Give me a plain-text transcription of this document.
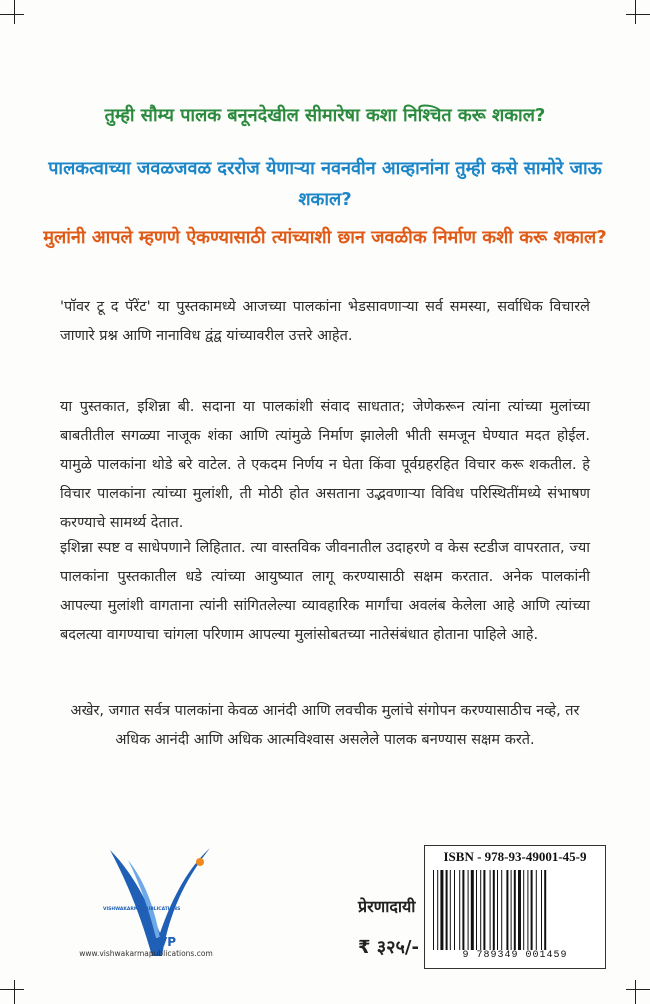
तुम्ही सौम्य पालक बनूनदेखील सीमारेषा कशा निश्चित करू शकाल?

पालकत्वाच्या जवळजवळ दररोज येणाऱ्या नवनवीन आव्हानांना तुम्ही कसे सामोरे जाऊ शकाल?

मुलांनी आपले म्हणणे ऐकण्यासाठी त्यांच्याशी छान जवळीक निर्माण कशी करू शकाल?

'पॉवर टू द पॅरेंट' या पुस्तकामध्ये आजच्या पालकांना भेडसावणाऱ्या सर्व समस्या, सर्वाधिक विचारले जाणारे प्रश्न आणि नानाविध द्वंद्व यांच्यावरील उत्तरे आहेत.

या पुस्तकात, इशिन्ना बी. सदाना या पालकांशी संवाद साधतात; जेणेकरून त्यांना त्यांच्या मुलांच्या बाबतीतील सगळ्या नाजूक शंका आणि त्यांमुळे निर्माण झालेली भीती समजून घेण्यात मदत होईल. यामुळे पालकांना थोडे बरे वाटेल. ते एकदम निर्णय न घेता किंवा पूर्वग्रहरहित विचार करू शकतील. हे विचार पालकांना त्यांच्या मुलांशी, ती मोठी होत असताना उद्भवणाऱ्या विविध परिस्थितींमध्ये संभाषण करण्याचे सामर्थ्य देतात.

इशिन्ना स्पष्ट व साधेपणाने लिहितात. त्या वास्तविक जीवनातील उदाहरणे व केस स्टडीज वापरतात, ज्या पालकांना पुस्तकातील धडे त्यांच्या आयुष्यात लागू करण्यासाठी सक्षम करतात. अनेक पालकांनी आपल्या मुलांशी वागताना त्यांनी सांगितलेल्या व्यावहारिक मार्गांचा अवलंब केलेला आहे आणि त्यांच्या बदलत्या वागण्याचा चांगला परिणाम आपल्या मुलांसोबतच्या नातेसंबंधात होताना पाहिले आहे.

अखेर, जगात सर्वत्र पालकांना केवळ आनंदी आणि लवचीक मुलांचे संगोपन करण्यासाठीच नव्हे, तर अधिक आनंदी आणि अधिक आत्मविश्वास असलेले पालक बनण्यास सक्षम करते.

VISHWAKARMA PUBLICATIONS
VP
www.vishwakarmapublications.com
प्रेरणादायी
₹ ३२५/-
ISBN - 978-93-49001-45-9
9 789349 001459
